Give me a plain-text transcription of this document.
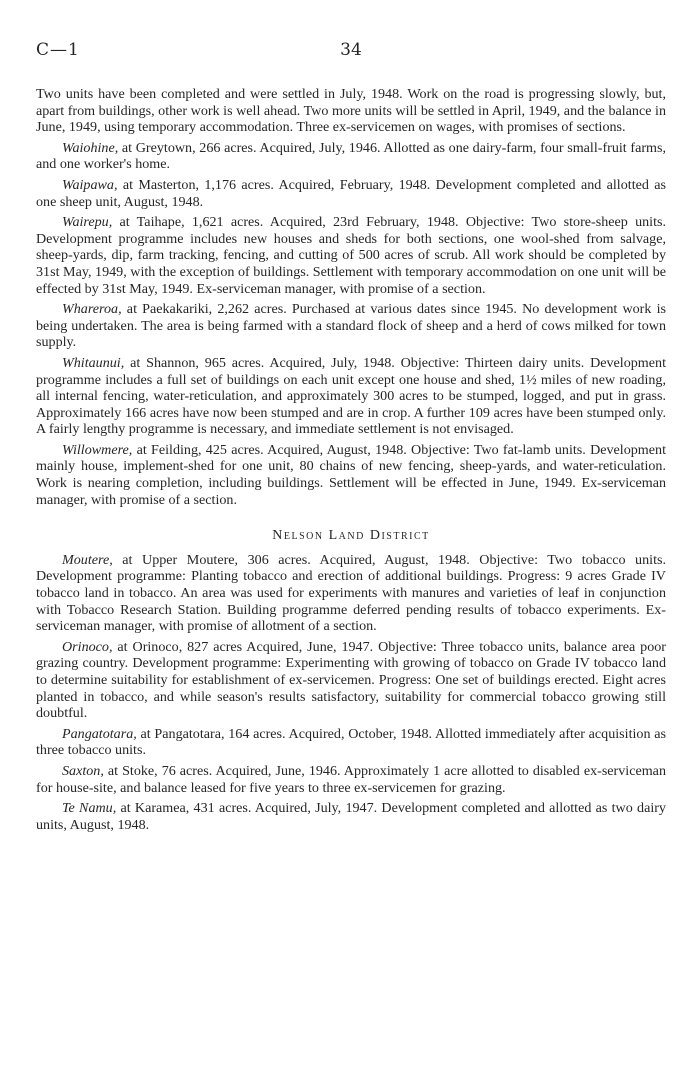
C—1	34

Two units have been completed and were settled in July, 1948. Work on the road is progressing slowly, but, apart from buildings, other work is well ahead. Two more units will be settled in April, 1949, and the balance in June, 1949, using temporary accommodation. Three ex-servicemen on wages, with promises of sections.

Waiohine, at Greytown, 266 acres. Acquired, July, 1946. Allotted as one dairy-farm, four small-fruit farms, and one worker's home.

Waipawa, at Masterton, 1,176 acres. Acquired, February, 1948. Development completed and allotted as one sheep unit, August, 1948.

Wairepu, at Taihape, 1,621 acres. Acquired, 23rd February, 1948. Objective: Two store-sheep units. Development programme includes new houses and sheds for both sections, one wool-shed from salvage, sheep-yards, dip, farm tracking, fencing, and cutting of 500 acres of scrub. All work should be completed by 31st May, 1949, with the exception of buildings. Settlement with temporary accommodation on one unit will be effected by 31st May, 1949. Ex-serviceman manager, with promise of a section.

Whareroa, at Paekakariki, 2,262 acres. Purchased at various dates since 1945. No development work is being undertaken. The area is being farmed with a standard flock of sheep and a herd of cows milked for town supply.

Whitaunui, at Shannon, 965 acres. Acquired, July, 1948. Objective: Thirteen dairy units. Development programme includes a full set of buildings on each unit except one house and shed, 1½ miles of new roading, all internal fencing, water-reticulation, and approximately 300 acres to be stumped, logged, and put in grass. Approximately 166 acres have now been stumped and are in crop. A further 109 acres have been stumped only. A fairly lengthy programme is necessary, and immediate settlement is not envisaged.

Willowmere, at Feilding, 425 acres. Acquired, August, 1948. Objective: Two fat-lamb units. Development mainly house, implement-shed for one unit, 80 chains of new fencing, sheep-yards, and water-reticulation. Work is nearing completion, including buildings. Settlement will be effected in June, 1949. Ex-serviceman manager, with promise of a section.

Nelson Land District

Moutere, at Upper Moutere, 306 acres. Acquired, August, 1948. Objective: Two tobacco units. Development programme: Planting tobacco and erection of additional buildings. Progress: 9 acres Grade IV tobacco land in tobacco. An area was used for experiments with manures and varieties of leaf in conjunction with Tobacco Research Station. Building programme deferred pending results of tobacco experiments. Ex-serviceman manager, with promise of allotment of a section.

Orinoco, at Orinoco, 827 acres Acquired, June, 1947. Objective: Three tobacco units, balance area poor grazing country. Development programme: Experimenting with growing of tobacco on Grade IV tobacco land to determine suitability for establishment of ex-servicemen. Progress: One set of buildings erected. Eight acres planted in tobacco, and while season's results satisfactory, suitability for commercial tobacco growing still doubtful.

Pangatotara, at Pangatotara, 164 acres. Acquired, October, 1948. Allotted immediately after acquisition as three tobacco units.

Saxton, at Stoke, 76 acres. Acquired, June, 1946. Approximately 1 acre allotted to disabled ex-serviceman for house-site, and balance leased for five years to three ex-servicemen for grazing.

Te Namu, at Karamea, 431 acres. Acquired, July, 1947. Development completed and allotted as two dairy units, August, 1948.
